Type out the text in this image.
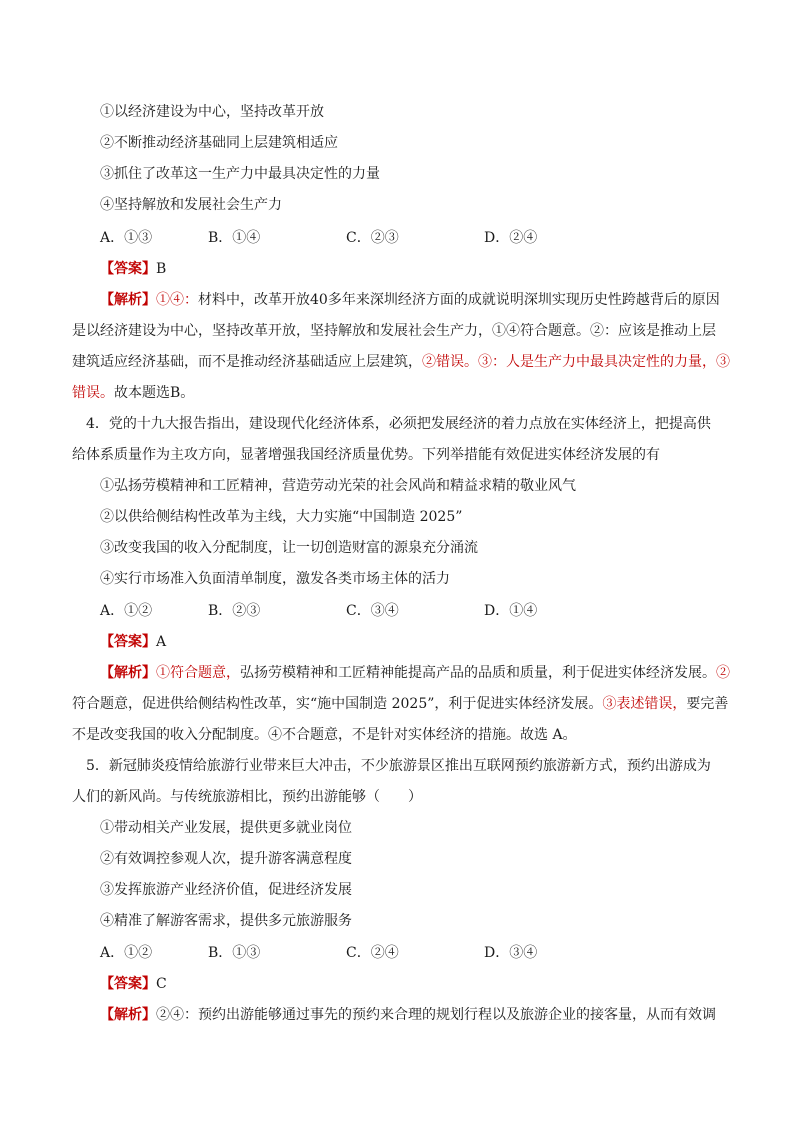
①以经济建设为中心，坚持改革开放
②不断推动经济基础同上层建筑相适应
③抓住了改革这一生产力中最具决定性的力量
④坚持解放和发展社会生产力
A．①③	B．①④	C．②③	D．②④
【答案】B
【解析】①④：材料中，改革开放40多年来深圳经济方面的成就说明深圳实现历史性跨越背后的原因
是以经济建设为中心，坚持改革开放，坚持解放和发展社会生产力，①④符合题意。②：应该是推动上层
建筑适应经济基础，而不是推动经济基础适应上层建筑，②错误。③：人是生产力中最具决定性的力量，③
错误。故本题选B。
4．党的十九大报告指出，建设现代化经济体系，必须把发展经济的着力点放在实体经济上，把提高供
给体系质量作为主攻方向，显著增强我国经济质量优势。下列举措能有效促进实体经济发展的有
①弘扬劳模精神和工匠精神，营造劳动光荣的社会风尚和精益求精的敬业风气
②以供给侧结构性改革为主线，大力实施“中国制造 2025”
③改变我国的收入分配制度，让一切创造财富的源泉充分涌流
④实行市场准入负面清单制度，激发各类市场主体的活力
A．①②	B．②③	C．③④	D．①④
【答案】A
【解析】①符合题意，弘扬劳模精神和工匠精神能提高产品的品质和质量，利于促进实体经济发展。②
符合题意，促进供给侧结构性改革，实“施中国制造 2025”，利于促进实体经济发展。③表述错误，要完善
不是改变我国的收入分配制度。④不合题意，不是针对实体经济的措施。故选 A。
5．新冠肺炎疫情给旅游行业带来巨大冲击，不少旅游景区推出互联网预约旅游新方式，预约出游成为
人们的新风尚。与传统旅游相比，预约出游能够（　　）
①带动相关产业发展，提供更多就业岗位
②有效调控参观人次，提升游客满意程度
③发挥旅游产业经济价值，促进经济发展
④精准了解游客需求，提供多元旅游服务
A．①②	B．①③	C．②④	D．③④
【答案】C
【解析】②④：预约出游能够通过事先的预约来合理的规划行程以及旅游企业的接客量，从而有效调
